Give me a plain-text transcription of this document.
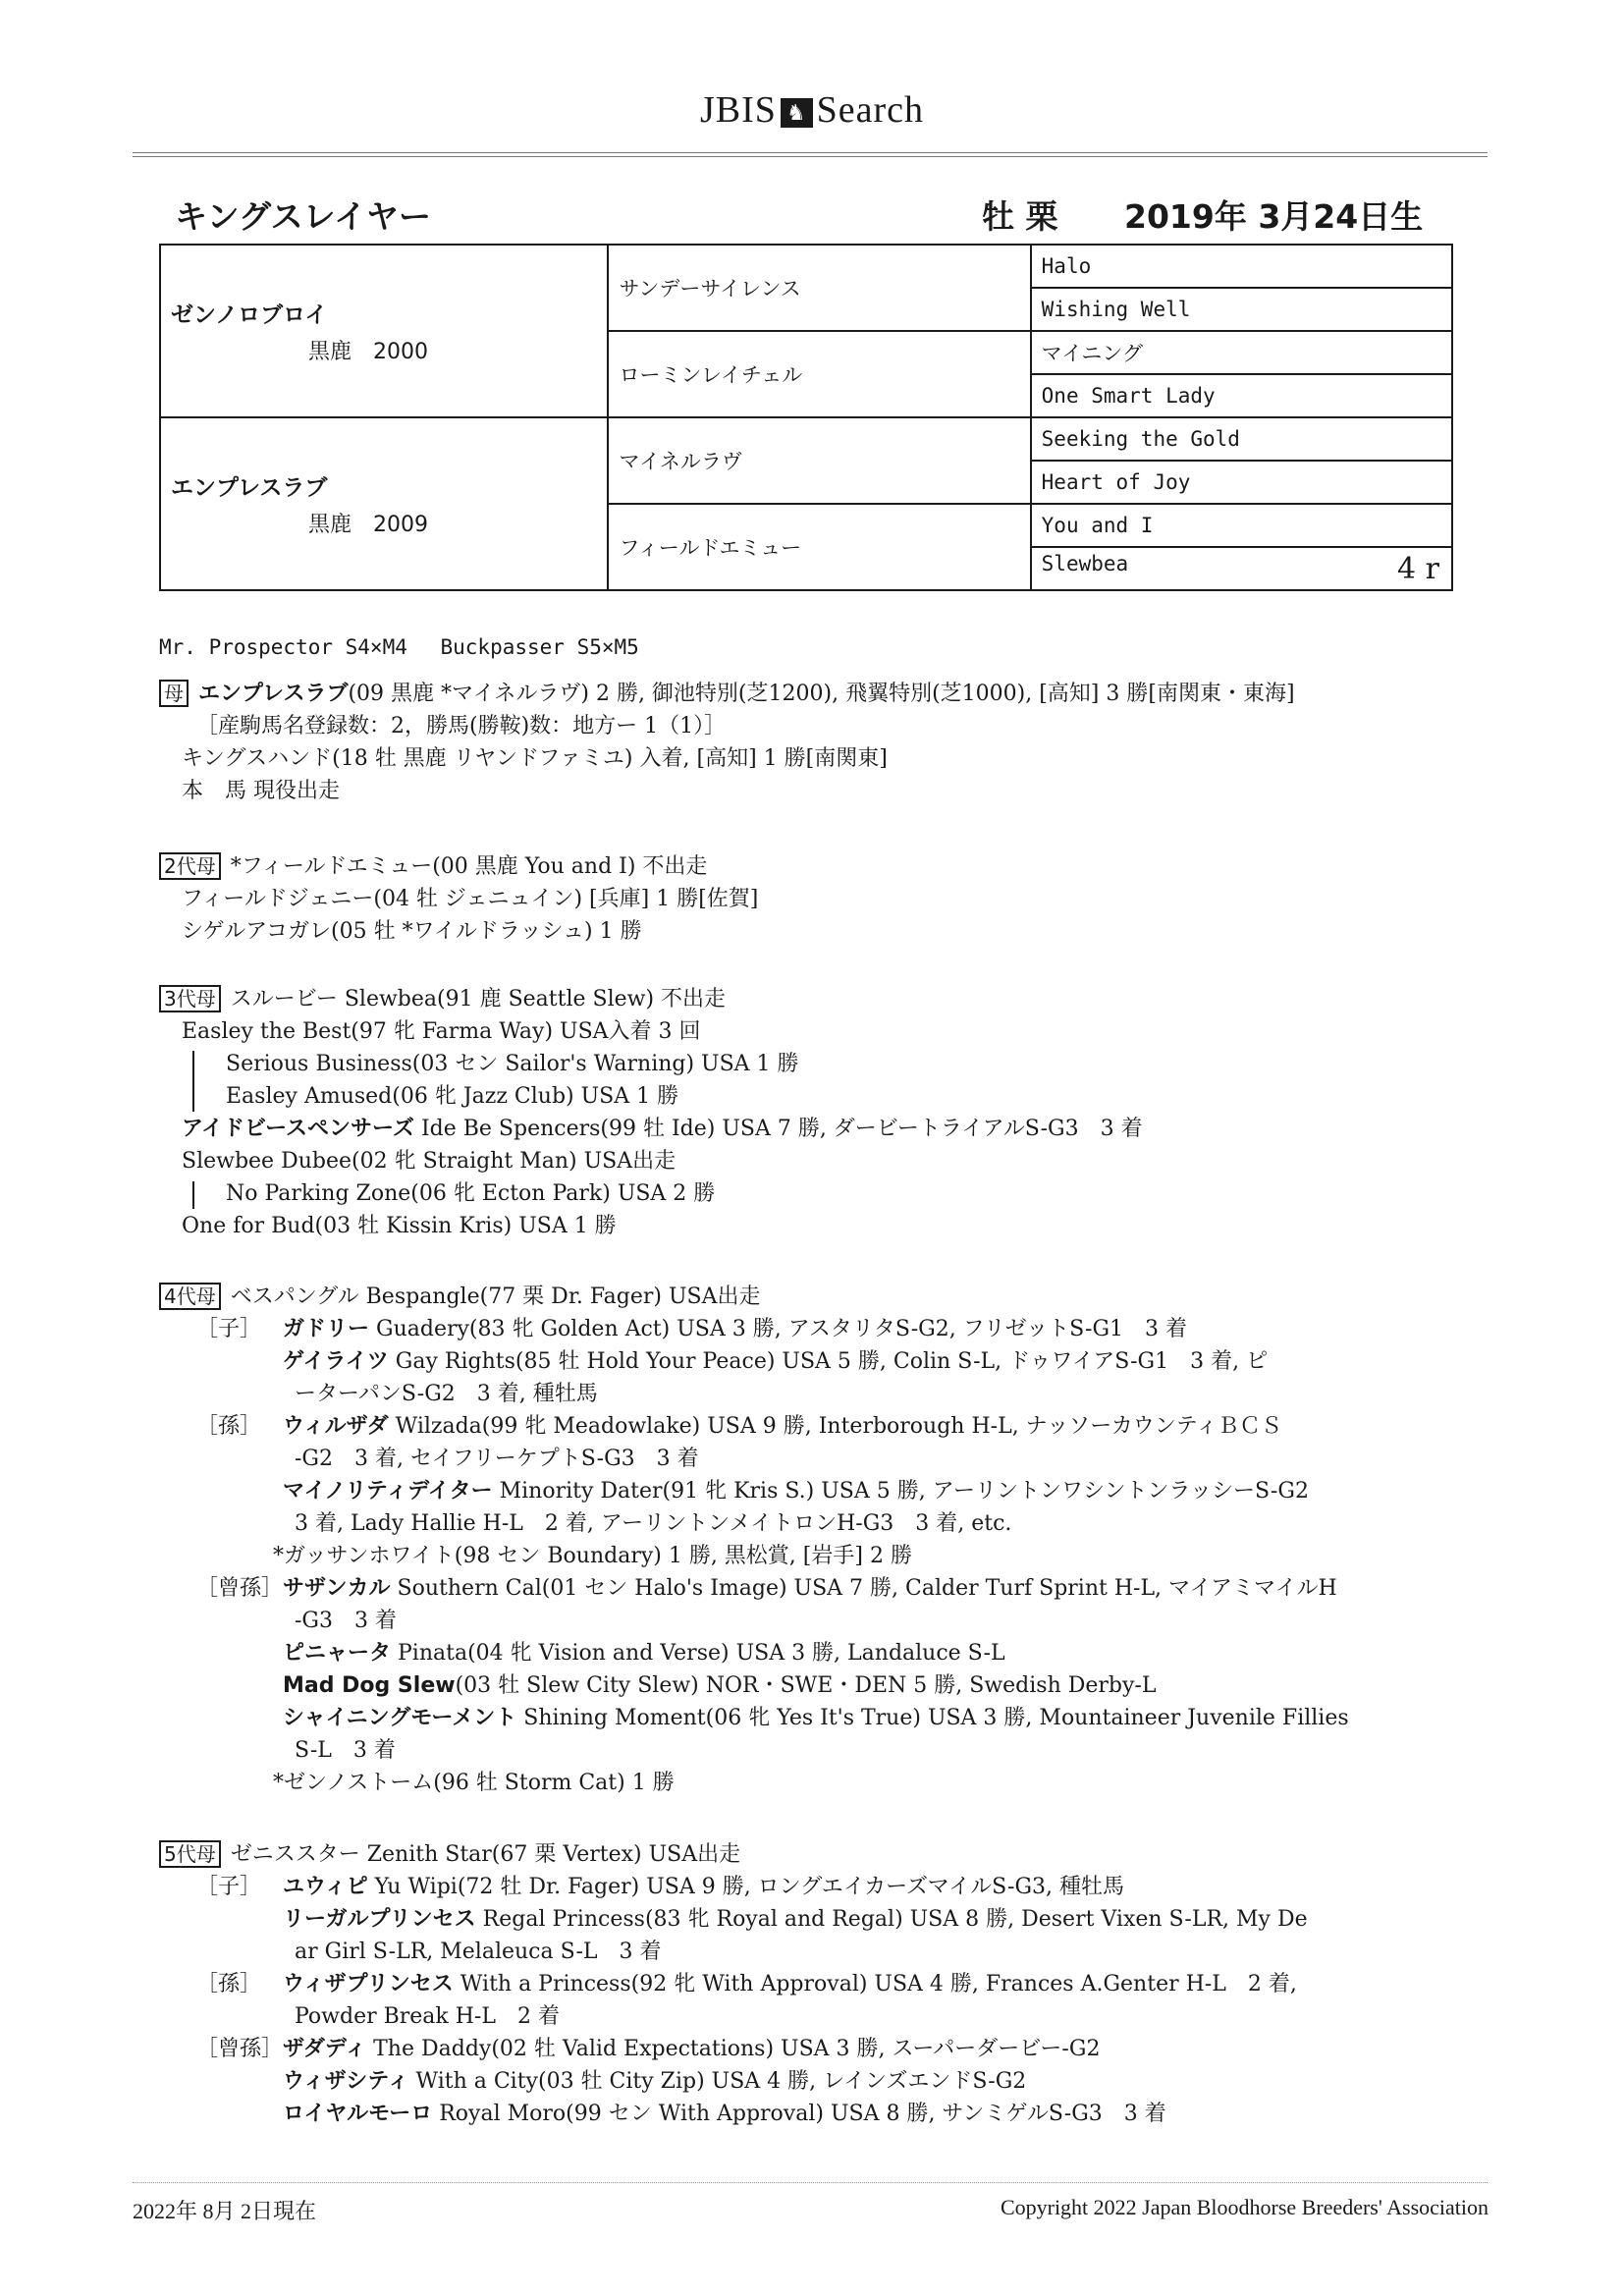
JBIS ♞ Search
キングスレイヤー	牡 栗 2019年 3月24日生
ゼンノロブロイ
黒鹿　2000	サンデーサイレンス	Halo
		Wishing Well
	ローミンレイチェル	マイニング
		One Smart Lady

エンプレスラブ
黒鹿　2009	マイネルラヴ	Seeking the Gold
		Heart of Joy
	フィールドエミュー	You and I
		Slewbea 4 r
Mr. Prospector S4×M4　 Buckpasser S5×M5
母 エンプレスラブ(09 黒鹿 *マイネルラヴ) 2 勝, 御池特別(芝1200), 飛翼特別(芝1000), [高知] 3 勝[南関東・東海]
［産駒馬名登録数：2，勝馬(勝鞍)数：地方ー 1（1）］
キングスハンド(18 牡 黒鹿 リヤンドファミユ) 入着, [高知] 1 勝[南関東]
本　馬 現役出走
2代母 *フィールドエミュー(00 黒鹿 You and I) 不出走
フィールドジェニー(04 牡 ジェニュイン) [兵庫] 1 勝[佐賀]
シゲルアコガレ(05 牡 *ワイルドラッシュ) 1 勝
3代母 スルービー Slewbea(91 鹿 Seattle Slew) 不出走
Easley the Best(97 牝 Farma Way) USA入着 3 回
Serious Business(03 セン Sailor's Warning) USA 1 勝
Easley Amused(06 牝 Jazz Club) USA 1 勝
アイドビースペンサーズ Ide Be Spencers(99 牡 Ide) USA 7 勝, ダービートライアルS-G3　3 着
Slewbee Dubee(02 牝 Straight Man) USA出走
No Parking Zone(06 牝 Ecton Park) USA 2 勝
One for Bud(03 牡 Kissin Kris) USA 1 勝
4代母 ベスパングル Bespangle(77 栗 Dr. Fager) USA出走
［子］ ガドリー Guadery(83 牝 Golden Act) USA 3 勝, アスタリタS-G2, フリゼットS-G1　3 着
ゲイライツ Gay Rights(85 牡 Hold Your Peace) USA 5 勝, Colin S-L, ドゥワイアS-G1　3 着, ピ
ーターパンS-G2　3 着, 種牡馬
［孫］ ウィルザダ Wilzada(99 牝 Meadowlake) USA 9 勝, Interborough H-L, ナッソーカウンティＢＣＳ
-G2　3 着, セイフリーケプトS-G3　3 着
マイノリティデイター Minority Dater(91 牝 Kris S.) USA 5 勝, アーリントンワシントンラッシーS-G2
3 着, Lady Hallie H-L　2 着, アーリントンメイトロンH-G3　3 着, etc.
*ガッサンホワイト(98 セン Boundary) 1 勝, 黒松賞, [岩手] 2 勝
［曾孫］ サザンカル Southern Cal(01 セン Halo's Image) USA 7 勝, Calder Turf Sprint H-L, マイアミマイルH
-G3　3 着
ピニャータ Pinata(04 牝 Vision and Verse) USA 3 勝, Landaluce S-L
Mad Dog Slew(03 牡 Slew City Slew) NOR・SWE・DEN 5 勝, Swedish Derby-L
シャイニングモーメント Shining Moment(06 牝 Yes It's True) USA 3 勝, Mountaineer Juvenile Fillies
S-L　3 着
*ゼンノストーム(96 牡 Storm Cat) 1 勝
5代母 ゼニススター Zenith Star(67 栗 Vertex) USA出走
［子］ ユウィピ Yu Wipi(72 牡 Dr. Fager) USA 9 勝, ロングエイカーズマイルS-G3, 種牡馬
リーガルプリンセス Regal Princess(83 牝 Royal and Regal) USA 8 勝, Desert Vixen S-LR, My De
ar Girl S-LR, Melaleuca S-L　3 着
［孫］ ウィザプリンセス With a Princess(92 牝 With Approval) USA 4 勝, Frances A.Genter H-L　2 着,
Powder Break H-L　2 着
［曾孫］ ザダディ The Daddy(02 牡 Valid Expectations) USA 3 勝, スーパーダービー-G2
ウィザシティ With a City(03 牡 City Zip) USA 4 勝, レインズエンドS-G2
ロイヤルモーロ Royal Moro(99 セン With Approval) USA 8 勝, サンミゲルS-G3　3 着
2022年 8月 2日現在	Copyright 2022 Japan Bloodhorse Breeders' Association
